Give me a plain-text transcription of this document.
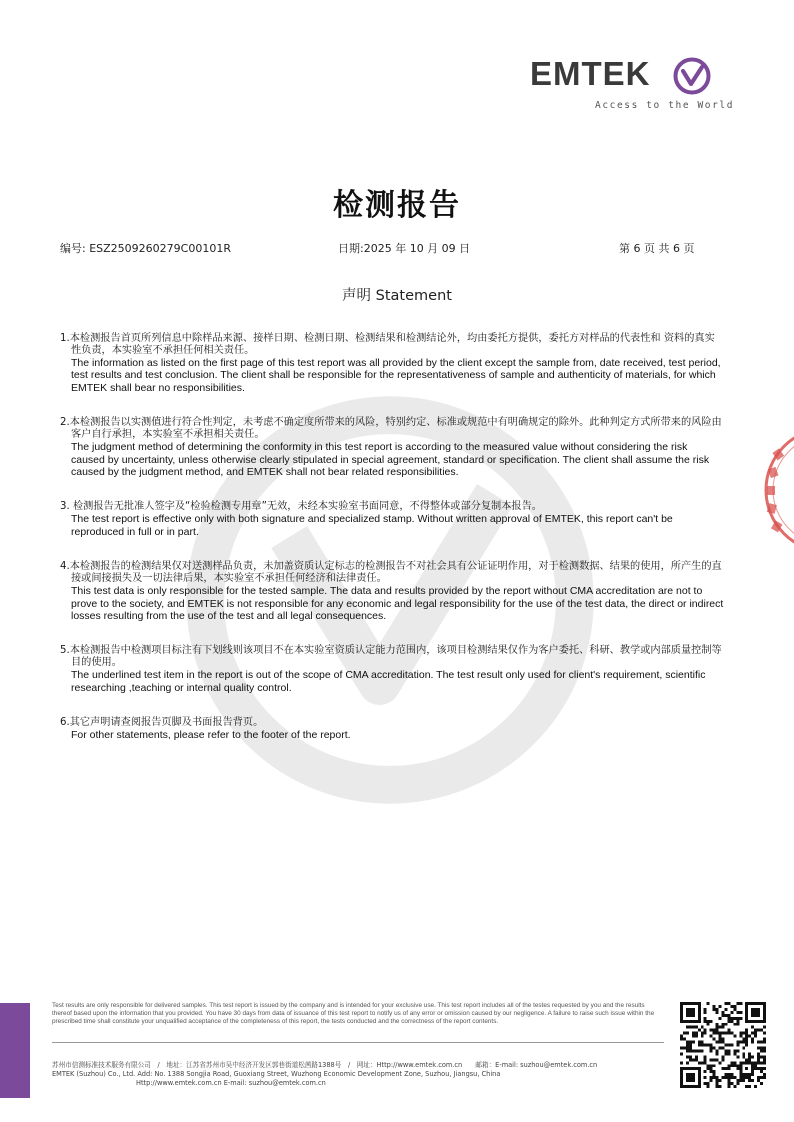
EMTEK
Access to the World
检测报告
编号: ESZ2509260279C00101R	日期:2025 年 10 月 09 日	第 6 页 共 6 页
声明 Statement
1.本检测报告首页所列信息中除样品来源、接样日期、检测日期、检测结果和检测结论外，均由委托方提供，委托方对样品的代表性和 资料的真实性负责，本实验室不承担任何相关责任。
The information as listed on the first page of this test report was all provided by the client except the sample from, date received, test period, test results and test conclusion. The client shall be responsible for the representativeness of sample and authenticity of materials, for which EMTEK shall bear no responsibilities.
2.本检测报告以实测值进行符合性判定，未考虑不确定度所带来的风险，特别约定、标准或规范中有明确规定的除外。此种判定方式所带来的风险由客户自行承担，本实验室不承担相关责任。
The judgment method of determining the conformity in this test report is according to the measured value without considering the risk caused by uncertainty, unless otherwise clearly stipulated in special agreement, standard or specification. The client shall assume the risk caused by the judgment method, and EMTEK shall not bear related responsibilities.
3. 检测报告无批准人签字及“检验检测专用章”无效，未经本实验室书面同意，不得整体或部分复制本报告。
The test report is effective only with both signature and specialized stamp. Without written approval of EMTEK, this report can't be reproduced in full or in part.
4.本检测报告的检测结果仅对送测样品负责，未加盖资质认定标志的检测报告不对社会具有公证证明作用，对于检测数据、结果的使用，所产生的直接或间接损失及一切法律后果，本实验室不承担任何经济和法律责任。
This test data is only responsible for the tested sample. The data and results provided by the report without CMA accreditation are not to prove to the society, and EMTEK is not responsible for any economic and legal responsibility for the use of the test data, the direct or indirect losses resulting from the use of the test and all legal consequences.
5.本检测报告中检测项目标注有下划线则该项目不在本实验室资质认定能力范围内，该项目检测结果仅作为客户委托、科研、教学或内部质量控制等目的使用。
The underlined test item in the report is out of the scope of CMA accreditation. The test result only used for client's requirement, scientific researching ,teaching or internal quality control.
6.其它声明请查阅报告页脚及书面报告背页。
For other statements, please refer to the footer of the report.
Test results are only responsible for delivered samples. This test report is issued by the company and is intended for your exclusive use. This test report includes all of the testes requested by you and the results thereof based upon the information that you provided. You have 30 days from data of issuance of this test report to notify us of any error or omission caused by our negligence. A failure to raise such issue within the prescribed time shall constitute your unqualified acceptance of the completeness of this report, the tests conducted and the correctness of the report contents.
苏州市信测标准技术服务有限公司　/　地址：江苏省苏州市吴中经济开发区郭巷街道松茜路1388号　/　网址：Http://www.emtek.com.cn　　邮箱：E-mail: suzhou@emtek.com.cn
EMTEK (Suzhou) Co., Ltd. Add: No. 1388 Songjia Road, Guoxiang Street, Wuzhong Economic Development Zone, Suzhou, Jiangsu, China
Http://www.emtek.com.cn E-mail: suzhou@emtek.com.cn
